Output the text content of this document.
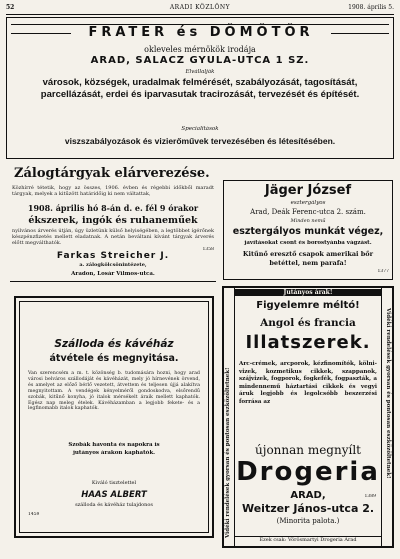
52	ARADI KÖZLÖNY	1908. április 5.
FRATER és DÖMÖTÖR
okleveles mérnökök irodája
ARAD, SALACZ GYULA-UTCA 1 SZ.
Elvállalják
városok, községek, uradalmak felmérését, szabályozását, tagosítását, parcellázását, erdei és iparvasutak tracirozását, tervezését és építését.
Specialitások
viszszabályozások és vizierőművek tervezésében és létesítésében.
Zálogtárgyak elárverezése.
Közhírré tétetik, hogy az összes, 1906. évben és régebbi időkből maradt tárgyak, melyek a kitűzött határidőig ki nem váltattak,
1908. április hó 8-án d. e. fél 9 órakor
ékszerek, ingók és ruhaneműek
nyilvános árverés útján, úgy üzletünk külső helyiségében, a legtöbbet ígérőnek készpénzfizetés mellett eladatnak. A netán beváltani kívánt tárgyak árverés előtt megválthatók.
1358
Farkas Streicher J.
a. zálogkölcsönintézete,
Aradon, Losár Vilmos-utca.
Jäger József
esztergályos
Arad, Deák Ferenc-utca 2. szám.
Minden nemű
esztergályos munkát végez,
javításokat csont és borostyánba vágzást.
Kitűnő eresztő csapok amerikai bőr betéttel, nem parafa!
1377
Szálloda és kávéház
átvétele és megnyitása.
Van szerencsém a m. t. közönség b. tudomására hozni, hogy arad városi belváros szállodáját és kávéházát, mely jó hírnevének örvend, és amelyet az előző bérlő vezetett, átvettem és teljesen újjá alakítva megnyitottam. A vendégek kényelméről gondoskodva, elsőrendű szobák, kitűnő konyha, jó italok mérsékelt áraik mellett kaphatók. Egész nap meleg ételek. Kávéházamban a legjobb fekete- és a legfinomabb italok kaphatók.
Szobák havonta és napokra is
jutányos árakon kaphatók.
Kiváló tisztelettel
HAAS ALBERT
szálloda és kávéház tulajdonos
1459	Vidéki rendelések gyorsan és pontosan eszközöltetnek!	Vidéki rendelések gyorsan és pontosan eszközöltetnek!
Jutányos árak!
Figyelemre méltó!
Angol és francia
Illatszerek.
Arc-crémek, arcporok, kézfinomítók, kölni-vizek, kozmetikus cikkek, szappanok, szájvizek, fogporok, fogkefék, fogpaszták, a mindennemű háztartási cikkek és vegyi áruk legjobb és legolcsóbb beszerzési forrása az
újonnan megnyílt
Drogeria
ARAD,	1389
Weitzer János-utca 2.
(Minorita palota.)
Ezek csak: Vörösmartyi Drogeria Arad
